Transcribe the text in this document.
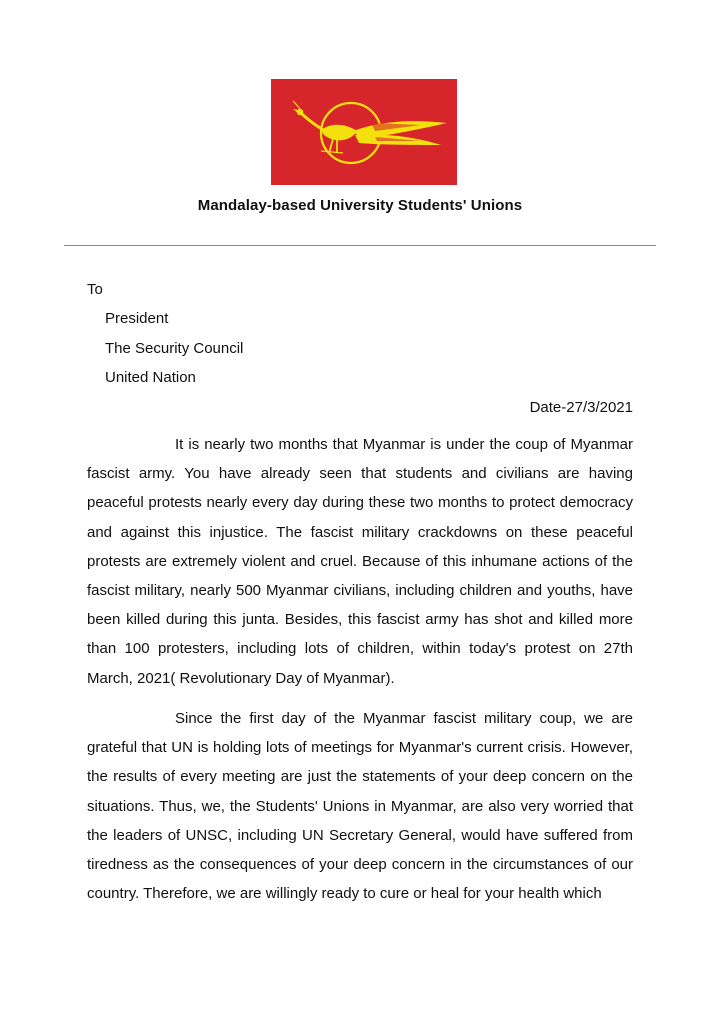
Mandalay-based University Students' Unions
To
President
The Security Council
United Nation
Date-27/3/2021

It is nearly two months that Myanmar is under the coup of Myanmar fascist army. You have already seen that students and civilians are having peaceful protests nearly every day during these two months to protect democracy and against this injustice. The fascist military crackdowns on these peaceful protests are extremely violent and cruel. Because of this inhumane actions of the fascist military, nearly 500 Myanmar civilians, including children and youths, have been killed during this junta. Besides, this fascist army has shot and killed more than 100 protesters, including lots of children, within today's protest on 27th March, 2021( Revolutionary Day of Myanmar).

Since the first day of the Myanmar fascist military coup, we are grateful that UN is holding lots of meetings for Myanmar's current crisis. However, the results of every meeting are just the statements of your deep concern on the situations. Thus, we, the Students' Unions in Myanmar, are also very worried that the leaders of UNSC, including UN Secretary General, would have suffered from tiredness as the consequences of your deep concern in the circumstances of our country. Therefore, we are willingly ready to cure or heal for your health which
